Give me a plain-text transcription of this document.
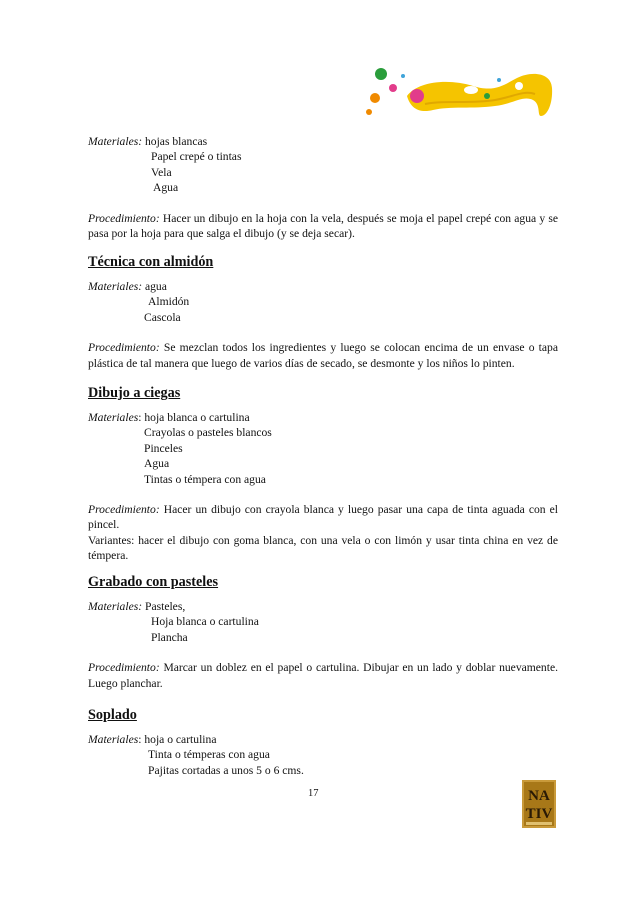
Materiales: hojas blancas
Papel crepé o tintas
Vela
Agua
Procedimiento: Hacer un dibujo en la hoja con la vela, después se moja el papel crepé con agua y se pasa por la hoja para que salga el dibujo (y se deja secar).
Técnica con almidón
Materiales: agua
Almidón
Cascola
Procedimiento: Se mezclan todos los ingredientes y luego se colocan encima de un envase o tapa plástica de tal manera que luego de varios días de secado, se desmonte y los niños lo pinten.
Dibujo a ciegas
Materiales: hoja blanca o cartulina
Crayolas o pasteles blancos
Pinceles
Agua
Tintas o témpera con agua
Procedimiento: Hacer un dibujo con crayola blanca y luego pasar una capa de tinta aguada con el pincel.
Variantes: hacer el dibujo con goma blanca, con una vela o con limón y usar tinta china en vez de témpera.
Grabado con pasteles
Materiales: Pasteles,
Hoja blanca o cartulina
Plancha
Procedimiento: Marcar un doblez en el papel o cartulina. Dibujar en un lado y doblar nuevamente. Luego planchar.
Soplado
Materiales: hoja o cartulina
Tinta o témperas con agua
Pajitas cortadas a unos 5 o 6 cms.
17	NA
TIV
